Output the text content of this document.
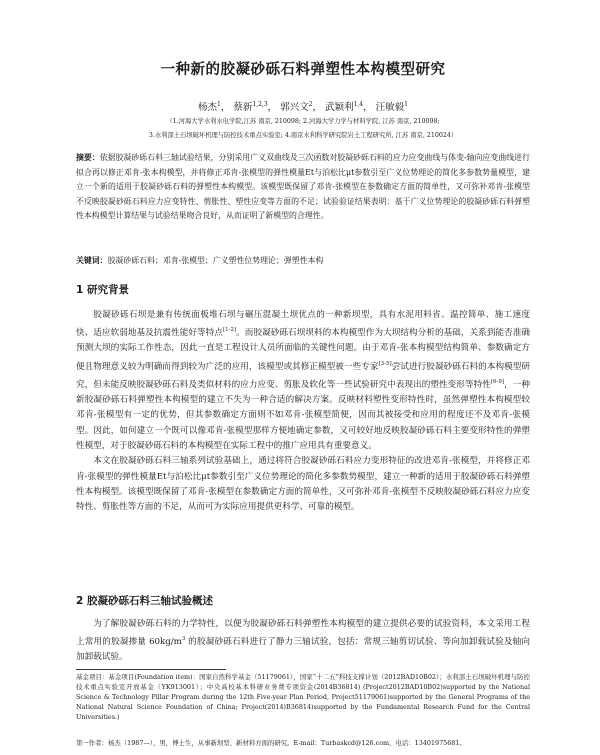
一种新的胶凝砂砾石料弹塑性本构模型研究
杨杰$^1$， 蔡新$^{1,2,3}$， 郭兴文$^2$， 武颖利$^{1,4}$， 汪敏毅$^1$
（1.河海大学水利水电学院,江苏 南京, 210098; 2.河海大学力学与材料学院, 江苏 南京, 210098;
3.水利部土石坝破坏机理与防控技术重点实验室; 4.南京水利科学研究院岩土工程研究所, 江苏 南京, 210024）
摘要：依据胶凝砂砾石料三轴试验结果，分别采用广义双曲线及三次函数对胶凝砂砾石料的应力应变曲线与体变-轴向应变曲线进行拟合再以修正邓肯-张本构模型，并将修正邓肯-张模型的弹性模量Et与泊松比μt参数引至广义位势理论的简化多参数势量模型，建立一个新的适用于胶凝砂砾石料的弹塑性本构模型。该模型既保留了邓肯-张模型在参数确定方面的简单性，又可弥补邓肯-张模型不反映胶凝砂砾石料应力应变特性、剪胀性、塑性应变等方面的不足；试验验证结果表明：基于广义位势理论的胶凝砂砾石料弹塑性本构模型计算结果与试验结果吻合良好，从而证明了新模型的合理性。
关键词：胶凝砂砾石料；邓肯-张模型；广义塑性位势理论；弹塑性本构
1 研究背景

胶凝砂砾石坝是兼有传统面板堆石坝与碾压混凝土坝优点的一种新坝型，具有水泥用料省、温控简单、施工速度快、适应软弱地基及抗震性能好等特点[1-2]。而胶凝砂砾石坝坝料的本构模型作为大坝结构分析的基础，关系到能否准确预测大坝的实际工作性态，因此一直是工程设计人员所面临的关键性问题。由于邓肯-张本构模型结构简单、参数确定方便且物理意义较为明确而得到较为广泛的应用，该模型或其修正模型被一些专家[3-5]尝试进行胶凝砂砾石料的本构模型研究，但未能反映胶凝砂砾石料及类似材料的应力应变、剪胀及软化等一些试验研究中表现出的塑性变形等特性[6-9]，一种新胶凝砂砾石料弹塑性本构模型的建立不失为一种合适的解决方案。反映材料塑性变形特性时，虽然弹塑性本构模型较邓肯-张模型有一定的优势，但其参数确定方面则不如邓肯-张模型简便，因而其被接受和应用的程度还不及邓肯-张模型。因此，如何建立一个既可以像邓肯-张模型那样方便地确定参数，又可较好地反映胶凝砂砾石料主要变形特性的弹塑性模型，对于胶凝砂砾石料的本构模型在实际工程中的推广应用具有重要意义。

本文在胶凝砂砾石料三轴系列试验基础上，通过将符合胶凝砂砾石料应力变形特征的改进邓肯-张模型，并将修正邓肯-张模型的弹性模量Et与泊松比μt参数引至广义位势理论的简化多参数势模型，建立一种新的适用于胶凝砂砾石料弹塑性本构模型。该模型既保留了邓肯-张模型在参数确定方面的简单性，又可弥补邓肯-张模型不反映胶凝砂砾石料应力应变特性、剪胀性等方面的不足，从而可为实际应用提供更科学、可靠的模型。

2 胶凝砂砾石料三轴试验概述

为了解胶凝砂砾石料的力学特性，以便为胶凝砂砾石料弹塑性本构模型的建立提供必要的试验资料，本文采用工程上常用的胶凝掺量 $60kg/m^3$ 的胶凝砂砾石料进行了静力三轴试验，包括：常规三轴剪切试验、等向加卸载试验及轴向加卸载试验。

基金项目：基金项目(Foundation item)：国家自然科学基金（51179061），国家“十二五”科技支撑计划（2012BAD10B02）；水利部土石坝破坏机理与防控技术重点实验室开放基金（YK913001）；中央高校基本科研业务费专项资金(2014B36814) (Project2012BAD10B02)supported by the National Science & Technology Pillar Program during the 12th Five-year Plan Period, Project51179061)supported by the General Programs of the National Natural Science Foundation of China; Project(2014)B36814)supported by the Fundamental Research Fund for the Central Universities.)
第一作者：杨杰（1987—），男，博士生，从事新坝型、新材料方面的研究。E-mail：Turbaskcd@126.com，电话：13401975681。
